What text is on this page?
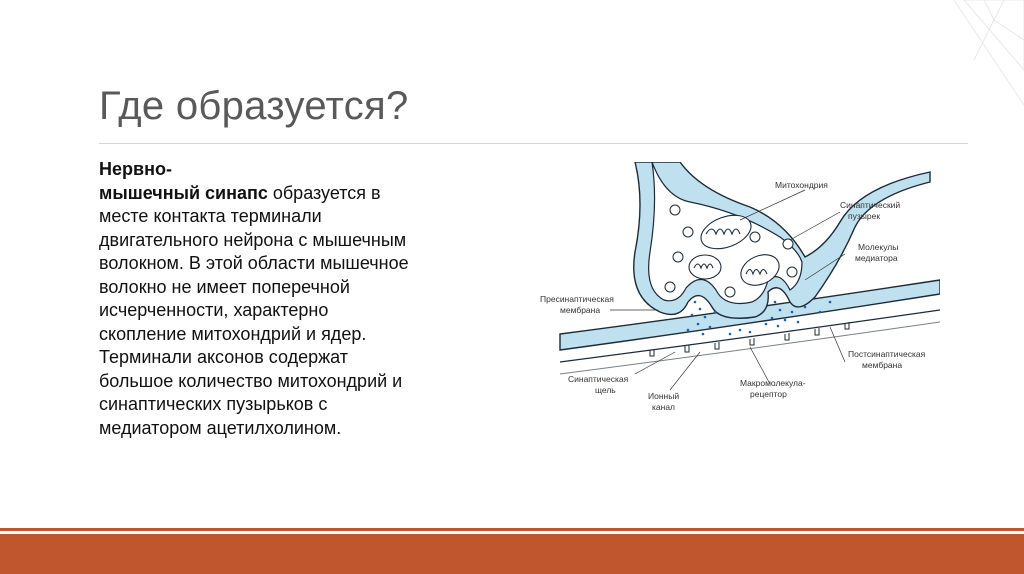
Где образуется?
Нервно-
мышечный синапс образуется в
месте контакта терминали
двигательного нейрона с мышечным
волокном. В этой области мышечное
волокно не имеет поперечной
исчерченности, характерно
скопление митохондрий и ядер.
Терминали аксонов содержат
большое количество митохондрий и
синаптических пузырьков с
медиатором ацетилхолином.
Митохондрия
Синаптический
пузырек
Молекулы
медиатора
Пресинаптическая
мембрана
Постсинаптическая
мембрана
Синаптическая
щель
Ионный
канал
Макромолекула-
рецептор
